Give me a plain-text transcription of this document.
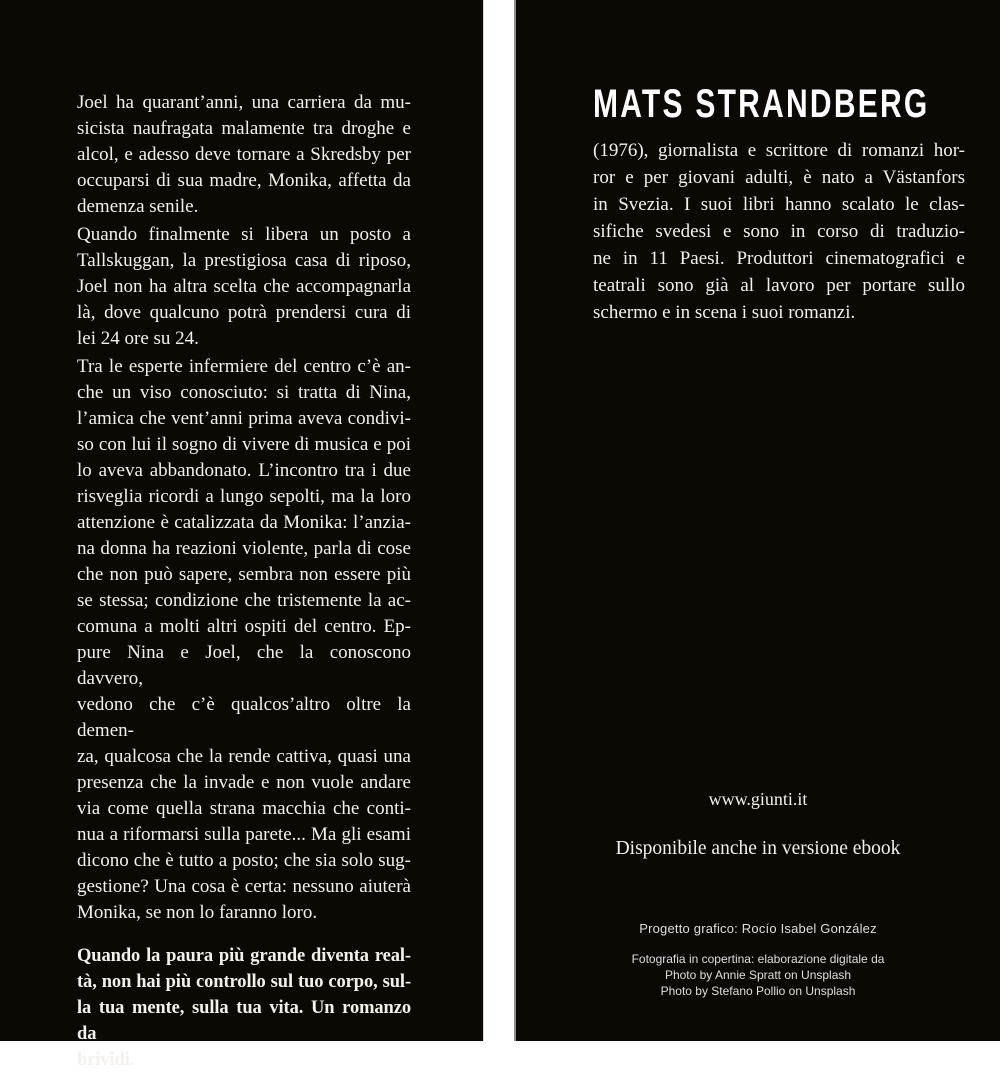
Joel ha quarant’anni, una carriera da mu-
sicista naufragata malamente tra droghe e
alcol, e adesso deve tornare a Skredsby per
occuparsi di sua madre, Monika, affetta da
demenza senile.
Quando finalmente si libera un posto a
Tallskuggan, la prestigiosa casa di riposo,
Joel non ha altra scelta che accompagnarla
là, dove qualcuno potrà prendersi cura di
lei 24 ore su 24.
Tra le esperte infermiere del centro c’è an-
che un viso conosciuto: si tratta di Nina,
l’amica che vent’anni prima aveva condivi-
so con lui il sogno di vivere di musica e poi
lo aveva abbandonato. L’incontro tra i due
risveglia ricordi a lungo sepolti, ma la loro
attenzione è catalizzata da Monika: l’anzia-
na donna ha reazioni violente, parla di cose
che non può sapere, sembra non essere più
se stessa; condizione che tristemente la ac-
comuna a molti altri ospiti del centro. Ep-
pure Nina e Joel, che la conoscono davvero,
vedono che c’è qualcos’altro oltre la demen-
za, qualcosa che la rende cattiva, quasi una
presenza che la invade e non vuole andare
via come quella strana macchia che conti-
nua a riformarsi sulla parete... Ma gli esami
dicono che è tutto a posto; che sia solo sug-
gestione? Una cosa è certa: nessuno aiuterà
Monika, se non lo faranno loro.
Quando la paura più grande diventa real-
tà, non hai più controllo sul tuo corpo, sul-
la tua mente, sulla tua vita. Un romanzo da
brividi.
MATS STRANDBERG
(1976), giornalista e scrittore di romanzi hor-
ror e per giovani adulti, è nato a Västanfors
in Svezia. I suoi libri hanno scalato le clas-
sifiche svedesi e sono in corso di traduzio-
ne in 11 Paesi. Produttori cinematografici e
teatrali sono già al lavoro per portare sullo
schermo e in scena i suoi romanzi.
www.giunti.it
Disponibile anche in versione ebook
Progetto grafico: Rocío Isabel González
Fotografia in copertina: elaborazione digitale da
Photo by Annie Spratt on Unsplash
Photo by Stefano Pollio on Unsplash
